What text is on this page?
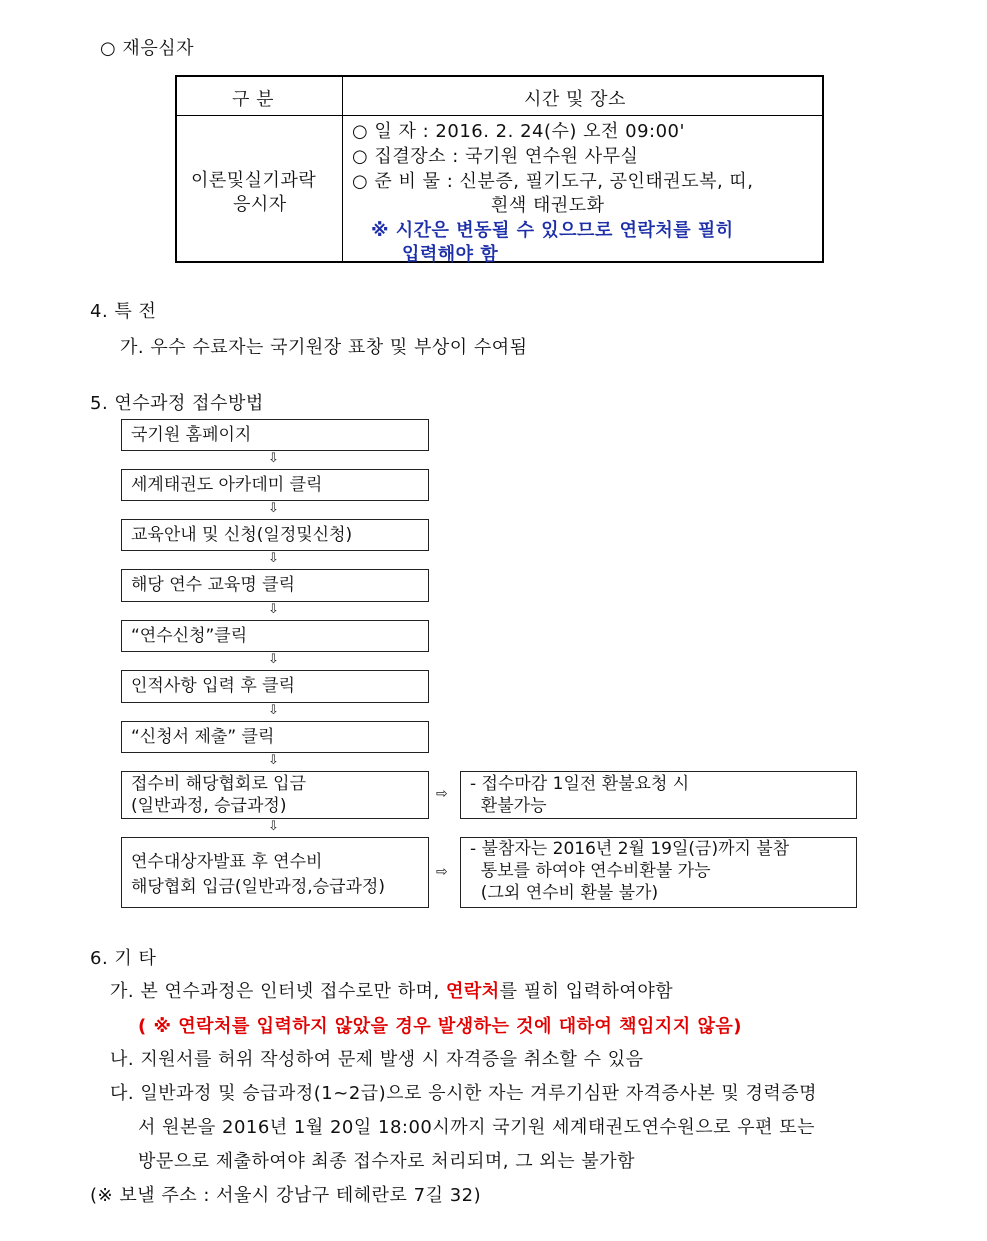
○ 재응심자
구 분	시간 및 장소
이론및실기과락
응시자
○ 일 자 : 2016. 2. 24(수) 오전 09:00'
○ 집결장소 : 국기원 연수원 사무실
○ 준 비 물 : 신분증, 필기도구, 공인태권도복, 띠,
흰색 태권도화
※ 시간은 변동될 수 있으므로 연락처를 필히
입력해야 함
4. 특 전
가. 우수 수료자는 국기원장 표창 및 부상이 수여됨
5. 연수과정 접수방법
국기원 홈페이지
⇩
세계태권도 아카데미 클릭
⇩
교육안내 및 신청(일정및신청)
⇩
해당 연수 교육명 클릭
⇩
“연수신청”클릭
⇩
인적사항 입력 후 클릭
⇩
“신청서 제출” 클릭
⇩
접수비 해당협회로 입금
(일반과정, 승급과정)
⇩
연수대상자발표 후 연수비
해당협회 입금(일반과정,승급과정)
⇨
⇨
- 접수마감 1일전 환불요청 시
환불가능
- 불참자는 2016년 2월 19일(금)까지 불참
통보를 하여야 연수비환불 가능
(그외 연수비 환불 불가)
6. 기 타
가. 본 연수과정은 인터넷 접수로만 하며, 연락처를 필히 입력하여야함
( ※ 연락처를 입력하지 않았을 경우 발생하는 것에 대하여 책임지지 않음)
나. 지원서를 허위 작성하여 문제 발생 시 자격증을 취소할 수 있음
다. 일반과정 및 승급과정(1~2급)으로 응시한 자는 겨루기심판 자격증사본 및 경력증명
서 원본을 2016년 1월 20일 18:00시까지 국기원 세계태권도연수원으로 우편 또는
방문으로 제출하여야 최종 접수자로 처리되며, 그 외는 불가함
(※ 보낼 주소 : 서울시 강남구 테헤란로 7길 32)
